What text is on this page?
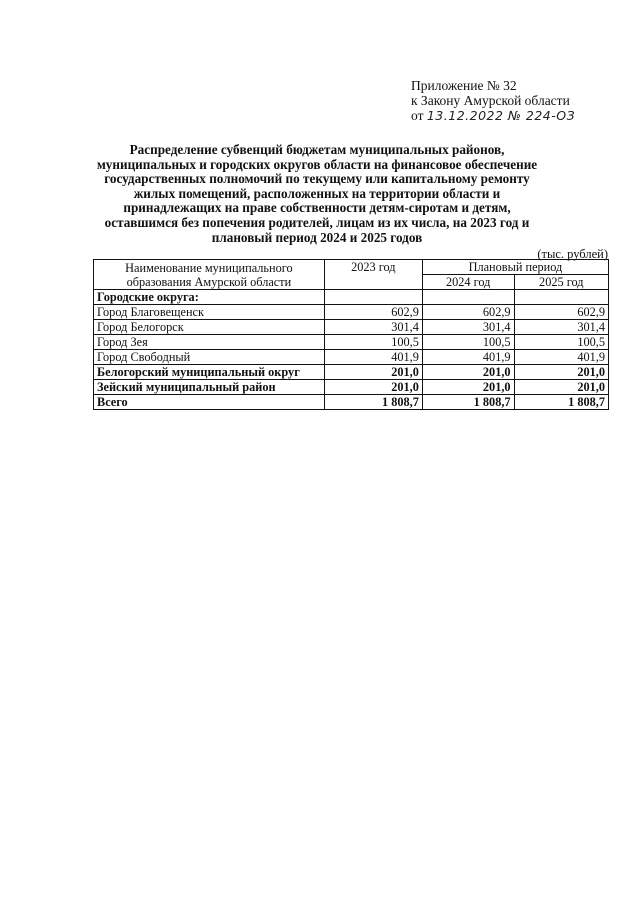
Приложение № 32
к Закону Амурской области
от 13.12.2022 № 224-ОЗ
Распределение субвенций бюджетам муниципальных районов, муниципальных и городских округов области на финансовое обеспечение государственных полномочий по текущему или капитальному ремонту жилых помещений, расположенных на территории области и принадлежащих на праве собственности детям-сиротам и детям, оставшимся без попечения родителей, лицам из их числа, на 2023 год и плановый период 2024 и 2025 годов
(тыс. рублей)
Наименование муниципального
образования Амурской области	2023 год	Плановый период	
		2024 год	2025 год
Городские округа:			
Город Благовещенск	602,9	602,9	602,9
Город Белогорск	301,4	301,4	301,4
Город Зея	100,5	100,5	100,5
Город Свободный	401,9	401,9	401,9
Белогорский муниципальный округ	201,0	201,0	201,0
Зейский муниципальный район	201,0	201,0	201,0
Всего	1 808,7	1 808,7	1 808,7
